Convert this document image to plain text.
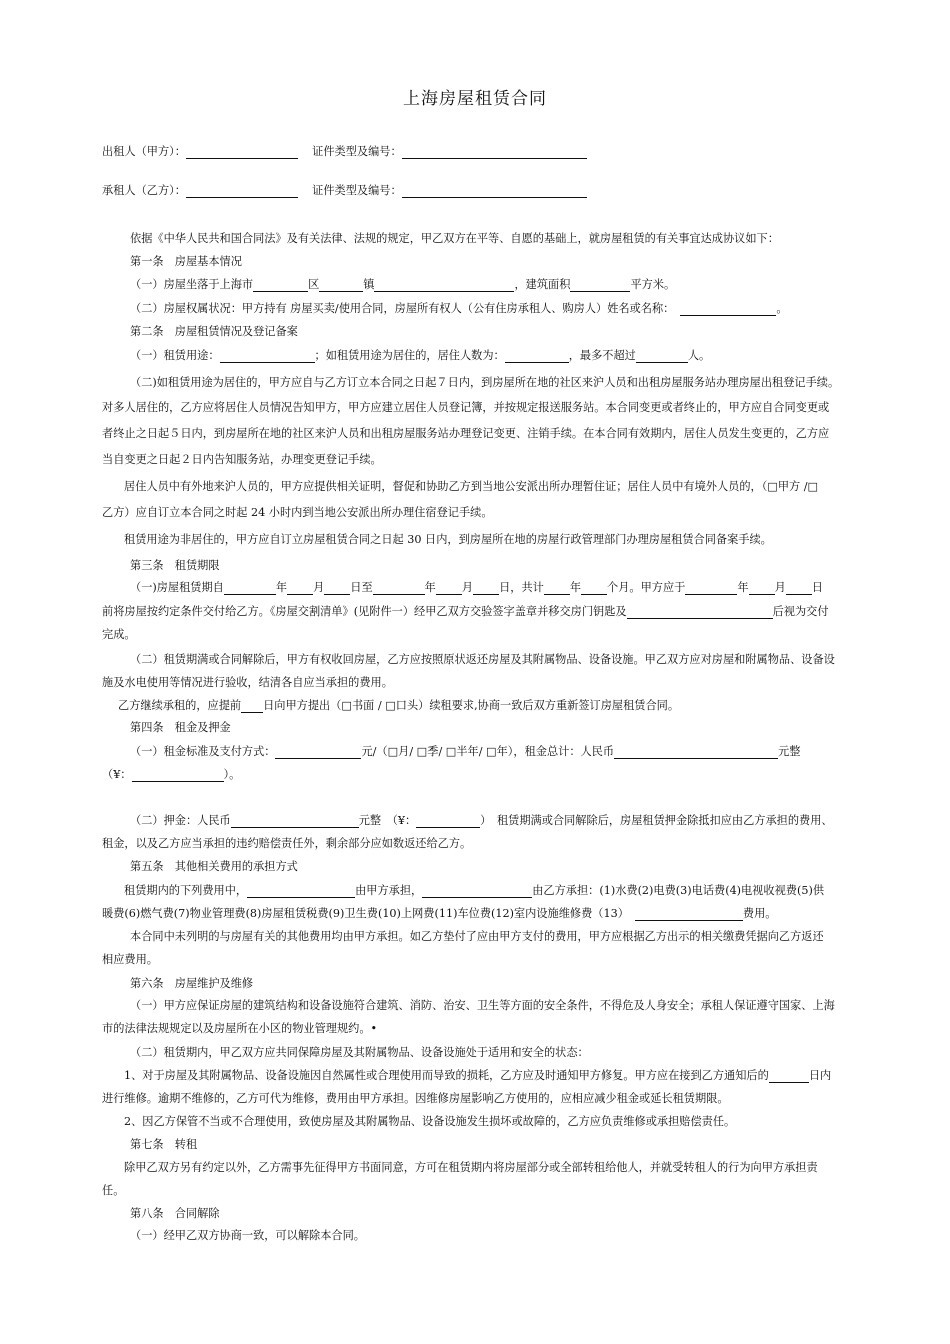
上海房屋租赁合同
出租人（甲方）：	证件类型及编号：
承租人（乙方）：	证件类型及编号：
依据《中华人民共和国合同法》及有关法律、法规的规定，甲乙双方在平等、自愿的基础上，就房屋租赁的有关事宜达成协议如下：
第一条　房屋基本情况
（一）房屋坐落于上海市	区	镇	，建筑面积	平方米。
（二）房屋权属状况：甲方持有 房屋买卖/使用合同，房屋所有权人（公有住房承租人、购房人）姓名或名称：	。
第二条　房屋租赁情况及登记备案
（一）租赁用途：	；如租赁用途为居住的，居住人数为：	，最多不超过	人。
（二)如租赁用途为居住的，甲方应自与乙方订立本合同之日起７日内，到房屋所在地的社区来沪人员和出租房屋服务站办理房屋出租登记手续。
对多人居住的，乙方应将居住人员情况告知甲方，甲方应建立居住人员登记簿，并按规定报送服务站。本合同变更或者终止的，甲方应自合同变更或
者终止之日起５日内，到房屋所在地的社区来沪人员和出租房屋服务站办理登记变更、注销手续。在本合同有效期内，居住人员发生变更的，乙方应
当自变更之日起２日内告知服务站，办理变更登记手续。
居住人员中有外地来沪人员的，甲方应提供相关证明，督促和协助乙方到当地公安派出所办理暂住证；居住人员中有境外人员的，（□甲方 /□
乙方）应自订立本合同之时起 24 小时内到当地公安派出所办理住宿登记手续。
租赁用途为非居住的，甲方应自订立房屋租赁合同之日起 30 日内，到房屋所在地的房屋行政管理部门办理房屋租赁合同备案手续。
第三条　租赁期限
（一)房屋租赁期自	年 月 日至	年 月 日，共计 年 个月。甲方应于	年 月 日
前将房屋按约定条件交付给乙方。《房屋交割清单》(见附件一）经甲乙双方交验签字盖章并移交房门钥匙及	后视为交付
完成。
（二）租赁期满或合同解除后，甲方有权收回房屋，乙方应按照原状返还房屋及其附属物品、设备设施。甲乙双方应对房屋和附属物品、设备设
施及水电使用等情况进行验收，结清各自应当承担的费用。
乙方继续承租的，应提前 日向甲方提出（□书面 / □口头）续租要求,协商一致后双方重新签订房屋租赁合同。
第四条　租金及押金
（一）租金标准及支付方式：	元/（□月/ □季/ □半年/ □年），租金总计：人民币	元整
（¥：	）。
（二）押金：人民币	元整　（¥：	）　租赁期满或合同解除后，房屋租赁押金除抵扣应由乙方承担的费用、
租金，以及乙方应当承担的违约赔偿责任外，剩余部分应如数返还给乙方。
第五条　其他相关费用的承担方式
租赁期内的下列费用中，	由甲方承担，	由乙方承担：(1)水费(2)电费(3)电话费(4)电视收视费(5)供
暖费(6)燃气费(7)物业管理费(8)房屋租赁税费(9)卫生费(10)上网费(11)车位费(12)室内设施维修费（13）	费用。
本合同中未列明的与房屋有关的其他费用均由甲方承担。如乙方垫付了应由甲方支付的费用，甲方应根据乙方出示的相关缴费凭据向乙方返还
相应费用。
第六条　房屋维护及维修
（一）甲方应保证房屋的建筑结构和设备设施符合建筑、消防、治安、卫生等方面的安全条件，不得危及人身安全；承租人保证遵守国家、上海
市的法律法规规定以及房屋所在小区的物业管理规约。•
（二）租赁期内，甲乙双方应共同保障房屋及其附属物品、设备设施处于适用和安全的状态：
1、对于房屋及其附属物品、设备设施因自然属性或合理使用而导致的损耗，乙方应及时通知甲方修复。甲方应在接到乙方通知后的	日内
进行维修。逾期不维修的，乙方可代为维修，费用由甲方承担。因维修房屋影响乙方使用的，应相应减少租金或延长租赁期限。
2、因乙方保管不当或不合理使用，致使房屋及其附属物品、设备设施发生损坏或故障的，乙方应负责维修或承担赔偿责任。
第七条　转租
除甲乙双方另有约定以外，乙方需事先征得甲方书面同意，方可在租赁期内将房屋部分或全部转租给他人，并就受转租人的行为向甲方承担责
任。
第八条　合同解除
（一）经甲乙双方协商一致，可以解除本合同。
